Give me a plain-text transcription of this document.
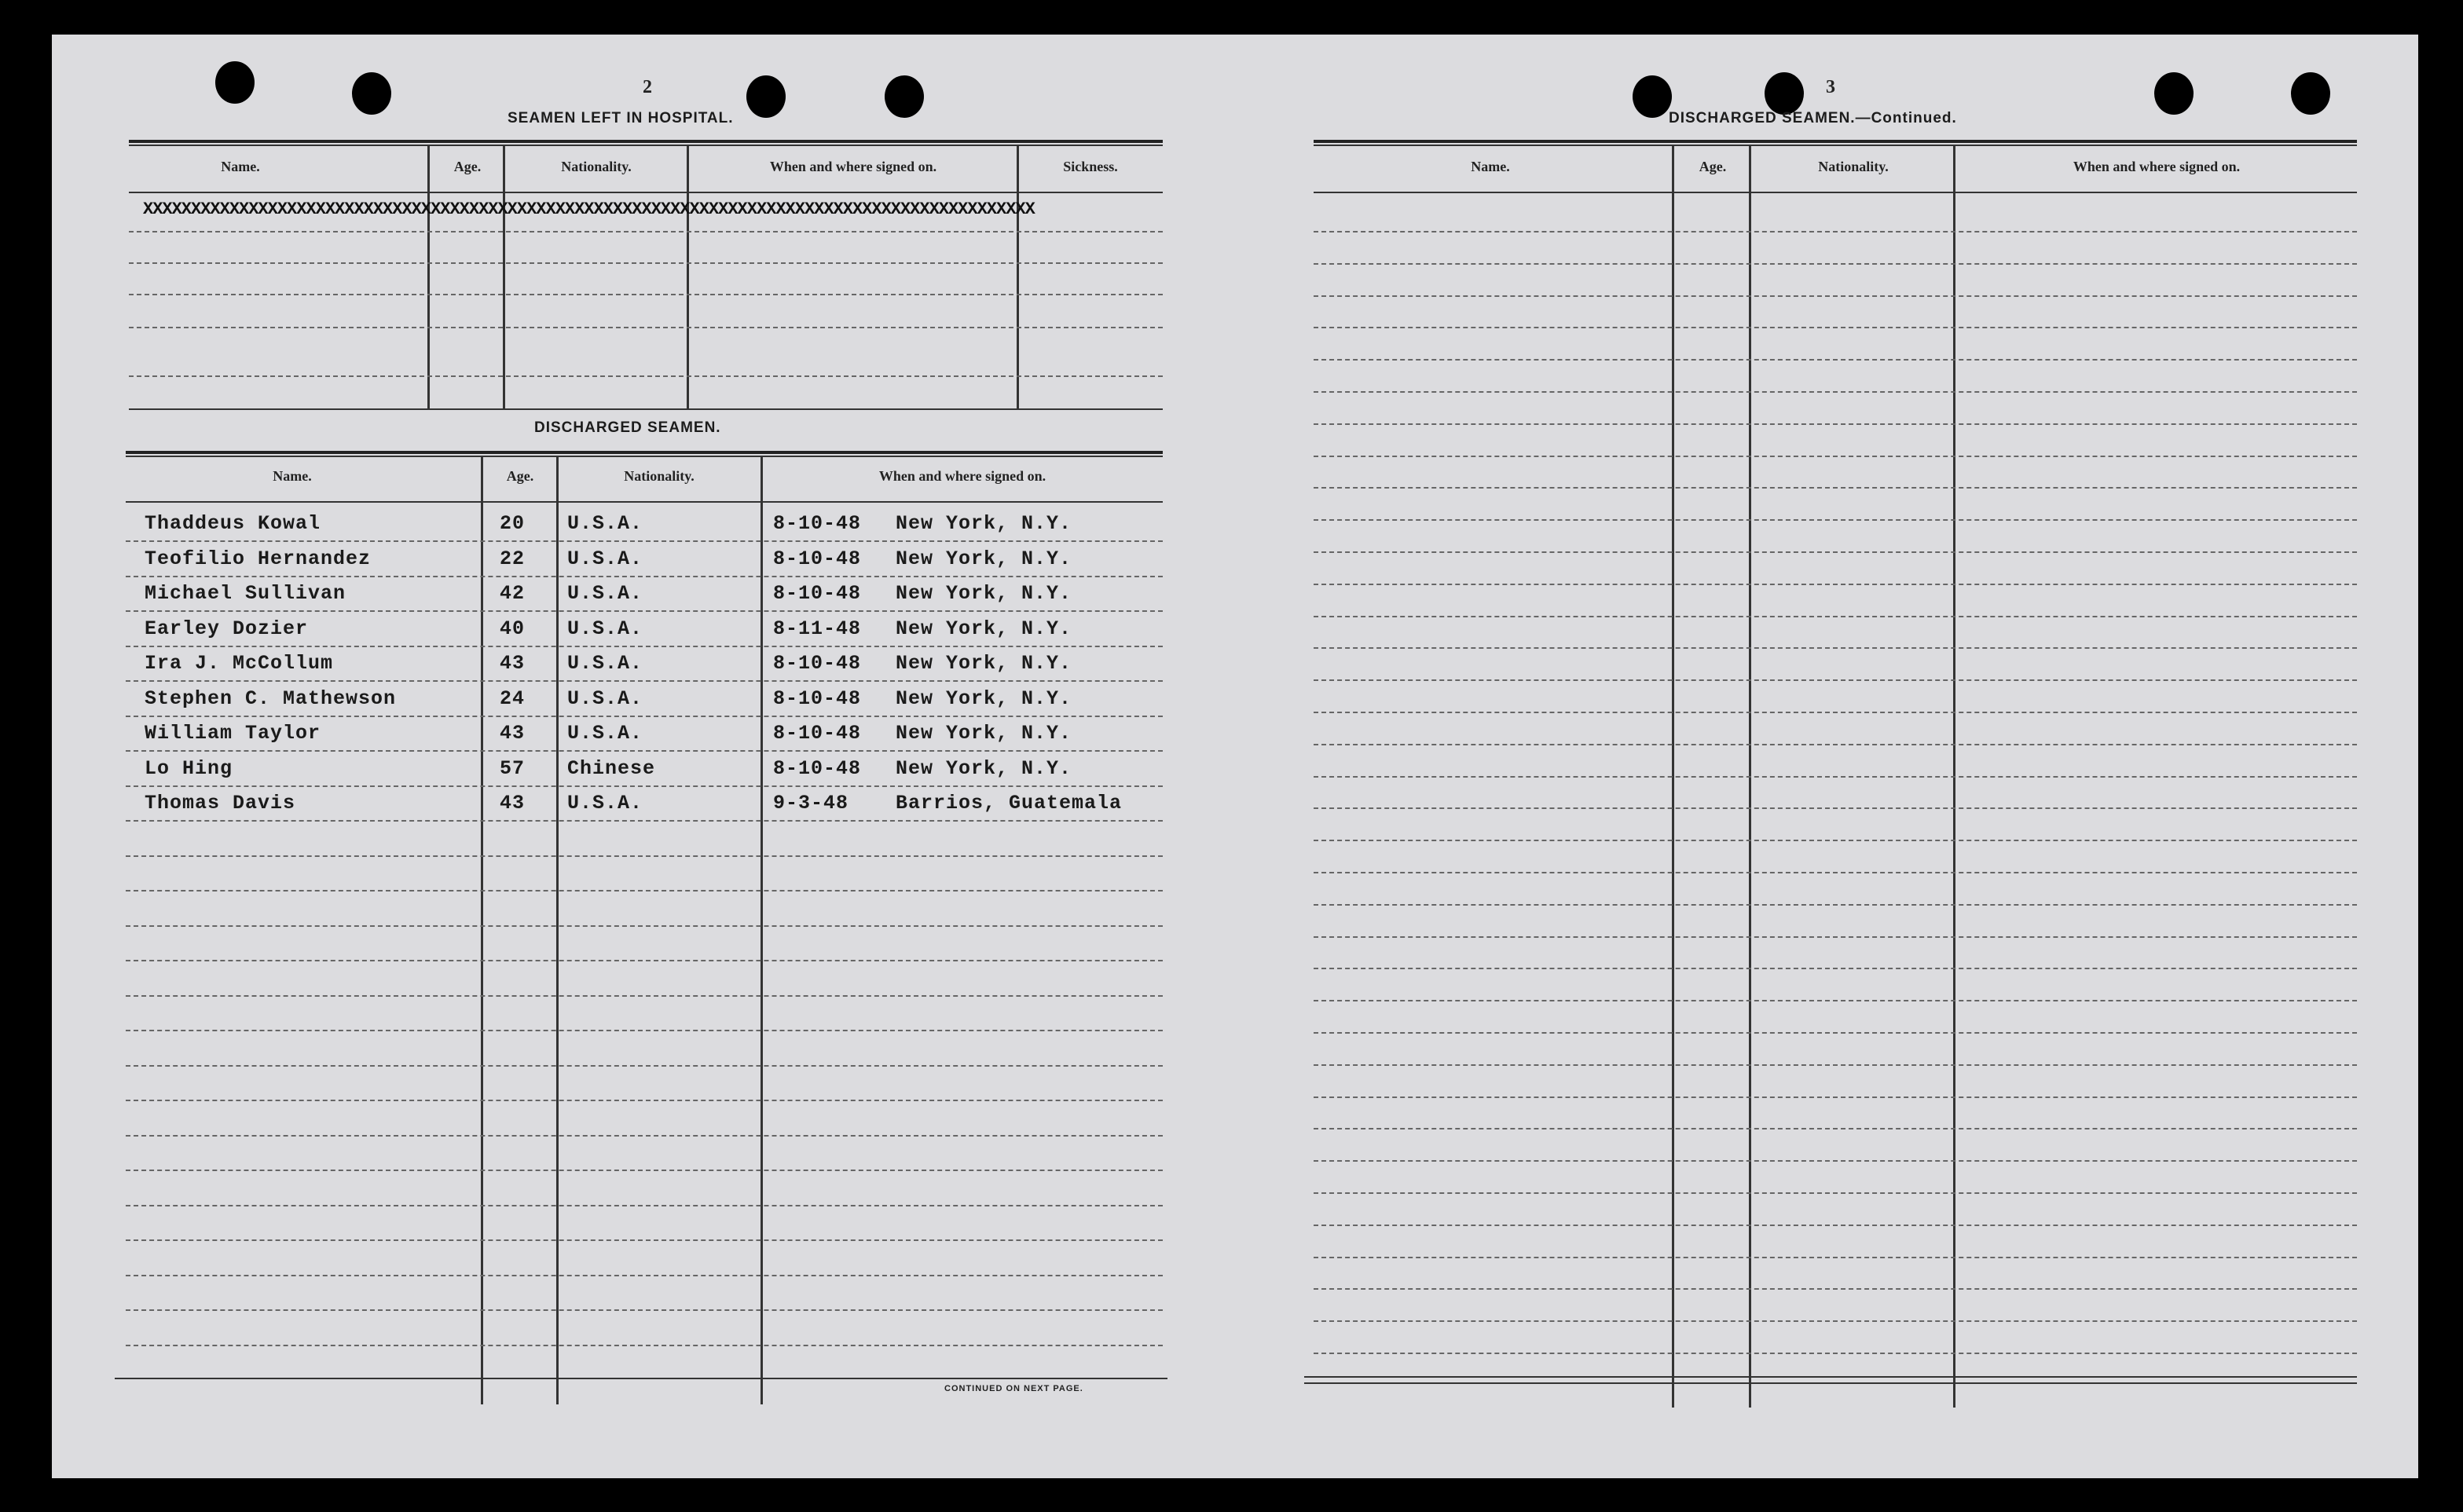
2
SEAMEN LEFT IN HOSPITAL.
Name.	Age.	Nationality.	When and where signed on.	Sickness.
XXXXXXXXXXXXXXXXXXXXXXXXXXXXXXXXXXXXXXXXXXXXXXXXXXXXXXXXXXXXXXXXXXXXXXXXXXXXXXXXXXXXXXXXXXXXX
DISCHARGED SEAMEN.
Name.	Age.	Nationality.	When and where signed on.
Thaddeus Kowal	20 U.S.A.	8-10-48 New York, N.Y.
Teofilio Hernandez	22 U.S.A.	8-10-48 New York, N.Y.
Michael Sullivan	42 U.S.A.	8-10-48 New York, N.Y.
Earley Dozier	40 U.S.A.	8-11-48 New York, N.Y.
Ira J. McCollum	43 U.S.A.	8-10-48 New York, N.Y.
Stephen C. Mathewson	24 U.S.A.	8-10-48 New York, N.Y.
William Taylor	43 U.S.A.	8-10-48 New York, N.Y.
Lo Hing	57 Chinese	8-10-48 New York, N.Y.
Thomas Davis	43 U.S.A.	9-3-48 Barrios, Guatemala
CONTINUED ON NEXT PAGE.
3
DISCHARGED SEAMEN.—Continued.
Name.	Age.	Nationality.	When and where signed on.
